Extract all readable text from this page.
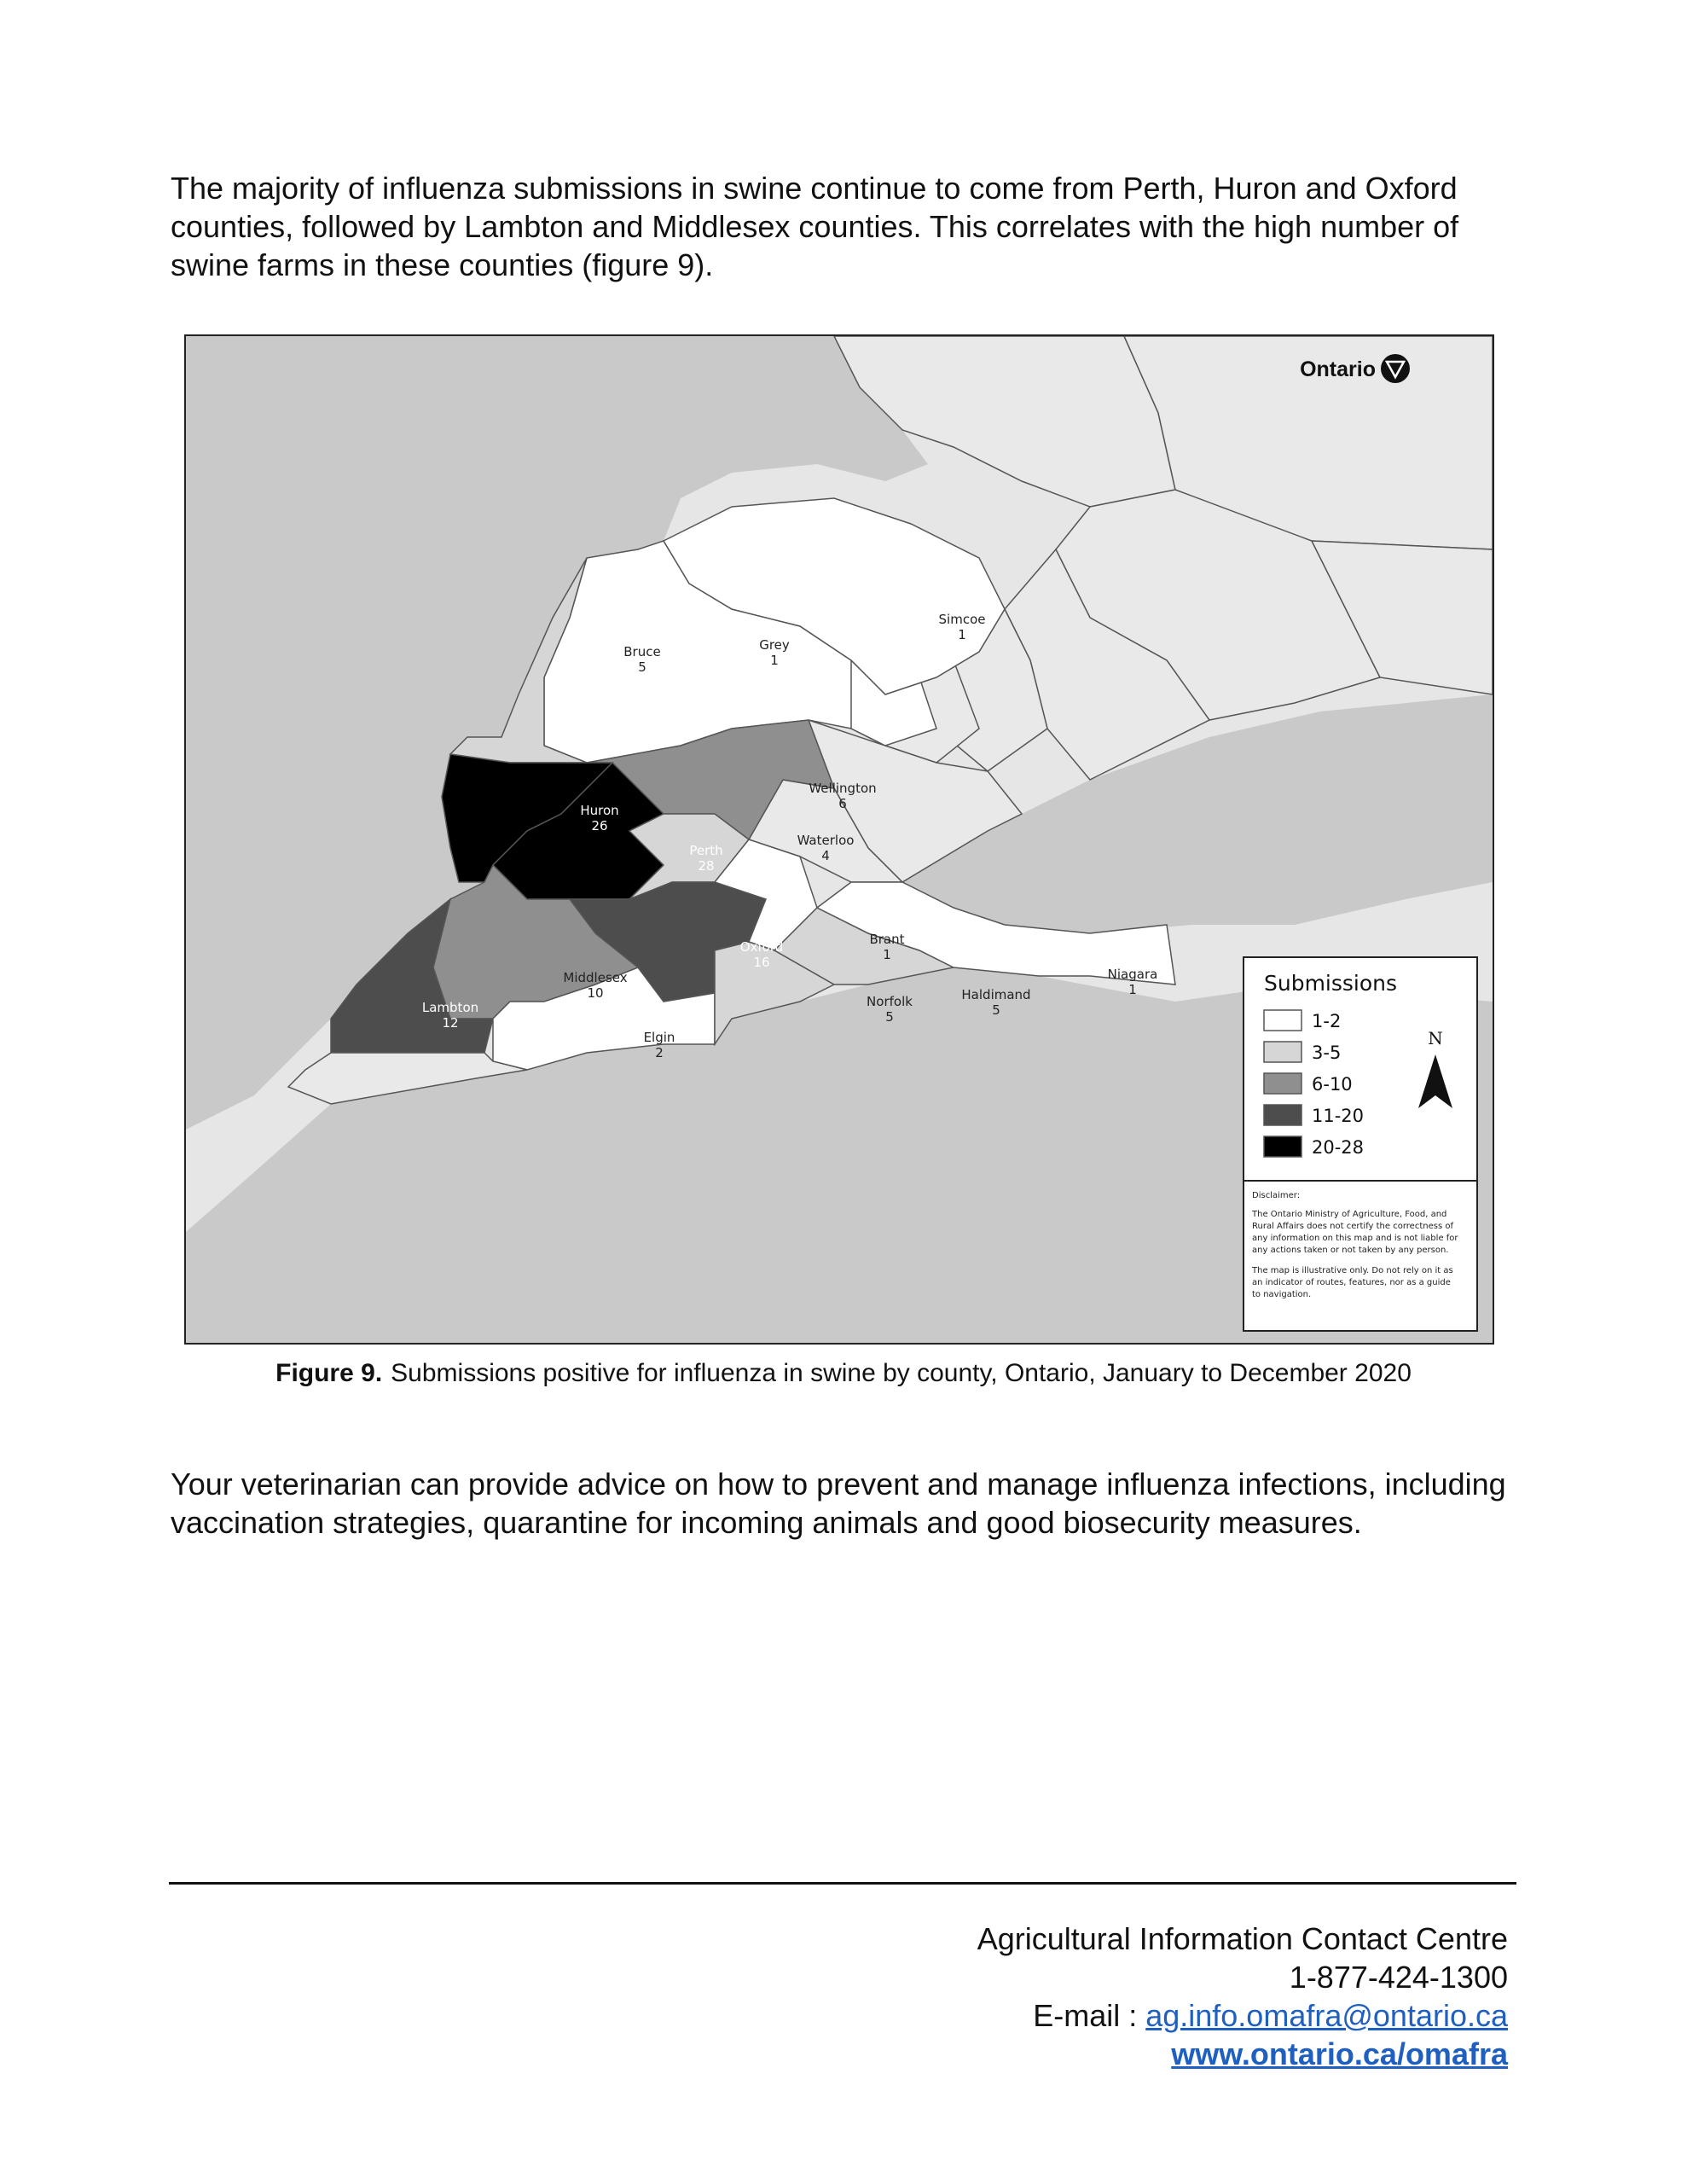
The majority of influenza submissions in swine continue to come from Perth, Huron and Oxford counties, followed by Lambton and Middlesex counties. This correlates with the high number of swine farms in these counties (figure 9).
Grey
1
Simcoe
1
Bruce
5
Wellington
6
Huron
26
Perth
28
Waterloo
4
Oxford
16
Brant
1
Middlesex
10
Lambton
12
Norfolk
5
Haldimand
5
Niagara
1
Elgin
2
Ontario
Submissions
1-2
3-5
6-10
11-20
20-28
N
Disclaimer:
The Ontario Ministry of Agriculture, Food, and
Rural Affairs does not certify the correctness of
any information on this map and is not liable for
any actions taken or not taken by any person.
The map is illustrative only. Do not rely on it as
an indicator of routes, features, nor as a guide
to navigation.
Figure 9. Submissions positive for influenza in swine by county, Ontario, January to December 2020
Your veterinarian can provide advice on how to prevent and manage influenza infections, including vaccination strategies, quarantine for incoming animals and good biosecurity measures.
Agricultural Information Contact Centre
1-877-424-1300
E-mail : ag.info.omafra@ontario.ca
www.ontario.ca/omafra
